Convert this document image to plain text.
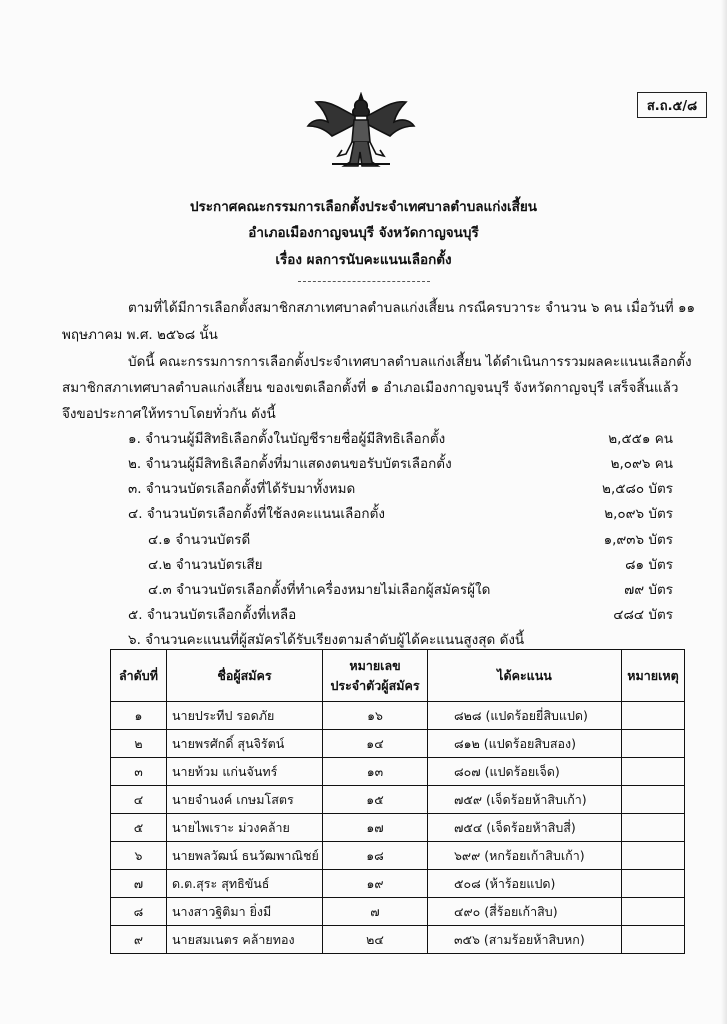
ส.ถ.๕/๘
ประกาศคณะกรรมการเลือกตั้งประจำเทศบาลตำบลแก่งเสี้ยน
อำเภอเมืองกาญจนบุรี จังหวัดกาญจนบุรี
เรื่อง ผลการนับคะแนนเลือกตั้ง
ตามที่ได้มีการเลือกตั้งสมาชิกสภาเทศบาลตำบลแก่งเสี้ยน กรณีครบวาระ จำนวน ๖ คน เมื่อวันที่ ๑๑
พฤษภาคม พ.ศ. ๒๕๖๘ นั้น
บัดนี้ คณะกรรมการการเลือกตั้งประจำเทศบาลตำบลแก่งเสี้ยน ได้ดำเนินการรวมผลคะแนนเลือกตั้ง
สมาชิกสภาเทศบาลตำบลแก่งเสี้ยน ของเขตเลือกตั้งที่ ๑ อำเภอเมืองกาญจนบุรี จังหวัดกาญจบุรี เสร็จสิ้นแล้ว
จึงขอประกาศให้ทราบโดยทั่วกัน ดังนี้
๑. จำนวนผู้มีสิทธิเลือกตั้งในบัญชีรายชื่อผู้มีสิทธิเลือกตั้ง	๒,๕๕๑ คน
๒. จำนวนผู้มีสิทธิเลือกตั้งที่มาแสดงตนขอรับบัตรเลือกตั้ง	๒,๐๙๖ คน
๓. จำนวนบัตรเลือกตั้งที่ได้รับมาทั้งหมด	๒,๕๘๐ บัตร
๔. จำนวนบัตรเลือกตั้งที่ใช้ลงคะแนนเลือกตั้ง	๒,๐๙๖ บัตร
๔.๑ จำนวนบัตรดี	๑,๙๓๖ บัตร
๔.๒ จำนวนบัตรเสีย	๘๑ บัตร
๔.๓ จำนวนบัตรเลือกตั้งที่ทำเครื่องหมายไม่เลือกผู้สมัครผู้ใด	๗๙ บัตร
๕. จำนวนบัตรเลือกตั้งที่เหลือ	๔๘๔ บัตร
๖. จำนวนคะแนนที่ผู้สมัครได้รับเรียงตามลำดับผู้ได้คะแนนสูงสุด ดังนี้
ลำดับที่	ชื่อผู้สมัคร	หมายเลข
ประจำตัวผู้สมัคร	ได้คะแนน	หมายเหตุ
๑	นายประทีป รอดภัย	๑๖	๘๒๘ (แปดร้อยยี่สิบแปด)	
๒	นายพรศักดิ์ สุนจิรัตน์	๑๔	๘๑๒ (แปดร้อยสิบสอง)	
๓	นายท้วม แก่นจันทร์	๑๓	๘๐๗ (แปดร้อยเจ็ด)	
๔	นายจำนงค์ เกษมโสตร	๑๕	๗๕๙ (เจ็ดร้อยห้าสิบเก้า)	
๕	นายไพเราะ ม่วงคล้าย	๑๗	๗๕๔ (เจ็ดร้อยห้าสิบสี่)	
๖	นายพลวัฒน์ ธนวัฒพาณิชย์	๑๘	๖๙๙ (หกร้อยเก้าสิบเก้า)	
๗	ด.ต.สุระ สุทธิขันธ์	๑๙	๕๐๘ (ห้าร้อยแปด)	
๘	นางสาวฐิติมา ยิ่งมี	๗	๔๙๐ (สี่ร้อยเก้าสิบ)	
๙	นายสมเนตร คล้ายทอง	๒๔	๓๕๖ (สามร้อยห้าสิบหก)	
